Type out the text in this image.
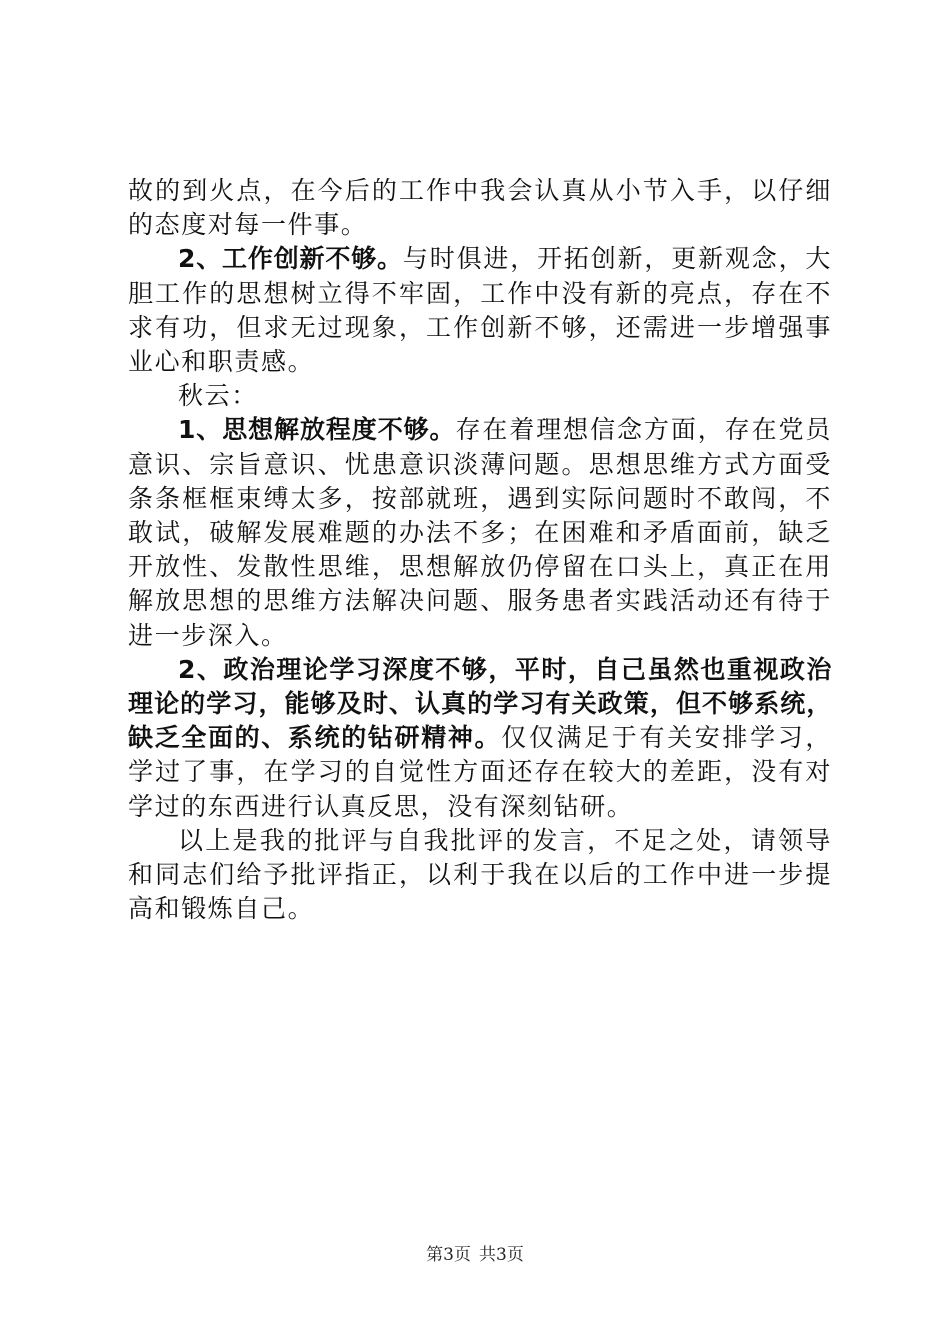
故的到火点，在今后的工作中我会认真从小节入手，以仔细的态度对每一件事。

2、工作创新不够。与时俱进，开拓创新，更新观念，大胆工作的思想树立得不牢固，工作中没有新的亮点，存在不求有功，但求无过现象，工作创新不够，还需进一步增强事业心和职责感。

秋云：

1、思想解放程度不够。存在着理想信念方面，存在党员意识、宗旨意识、忧患意识淡薄问题。思想思维方式方面受条条框框束缚太多，按部就班，遇到实际问题时不敢闯，不敢试，破解发展难题的办法不多；在困难和矛盾面前，缺乏开放性、发散性思维，思想解放仍停留在口头上，真正在用解放思想的思维方法解决问题、服务患者实践活动还有待于进一步深入。

2、政治理论学习深度不够，平时，自己虽然也重视政治理论的学习，能够及时、认真的学习有关政策，但不够系统，缺乏全面的、系统的钻研精神。仅仅满足于有关安排学习，学过了事，在学习的自觉性方面还存在较大的差距，没有对学过的东西进行认真反思，没有深刻钻研。

以上是我的批评与自我批评的发言，不足之处，请领导和同志们给予批评指正，以利于我在以后的工作中进一步提高和锻炼自己。

第3页 共3页
